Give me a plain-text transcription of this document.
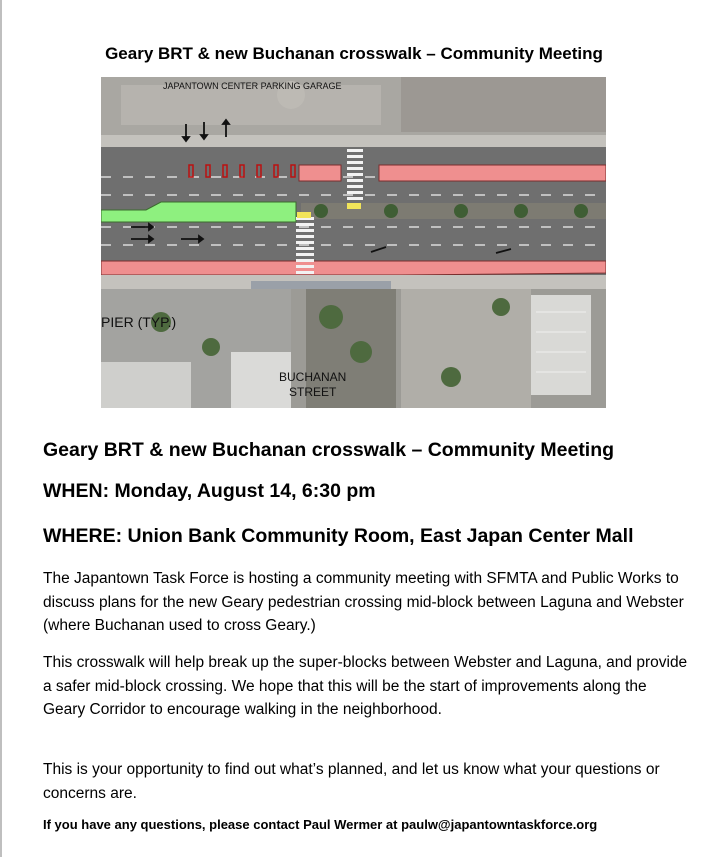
Geary BRT & new Buchanan crosswalk – Community Meeting
JAPANTOWN CENTER PARKING GARAGE
PIER (TYP.)
BUCHANAN
STREET
Geary BRT & new Buchanan crosswalk – Community Meeting
WHEN: Monday, August 14, 6:30 pm
WHERE: Union Bank Community Room, East Japan Center Mall
The Japantown Task Force is hosting a community meeting with SFMTA and Public Works to discuss plans for the new Geary pedestrian crossing mid-block between Laguna and Webster (where Buchanan used to cross Geary.)
This crosswalk will help break up the super-blocks between Webster and Laguna, and provide a safer mid-block crossing. We hope that this will be the start of improvements along the Geary Corridor to encourage walking in the neighborhood.
This is your opportunity to find out what’s planned, and let us know what your questions or concerns are.
If you have any questions, please contact Paul Wermer at paulw@japantowntaskforce.org
